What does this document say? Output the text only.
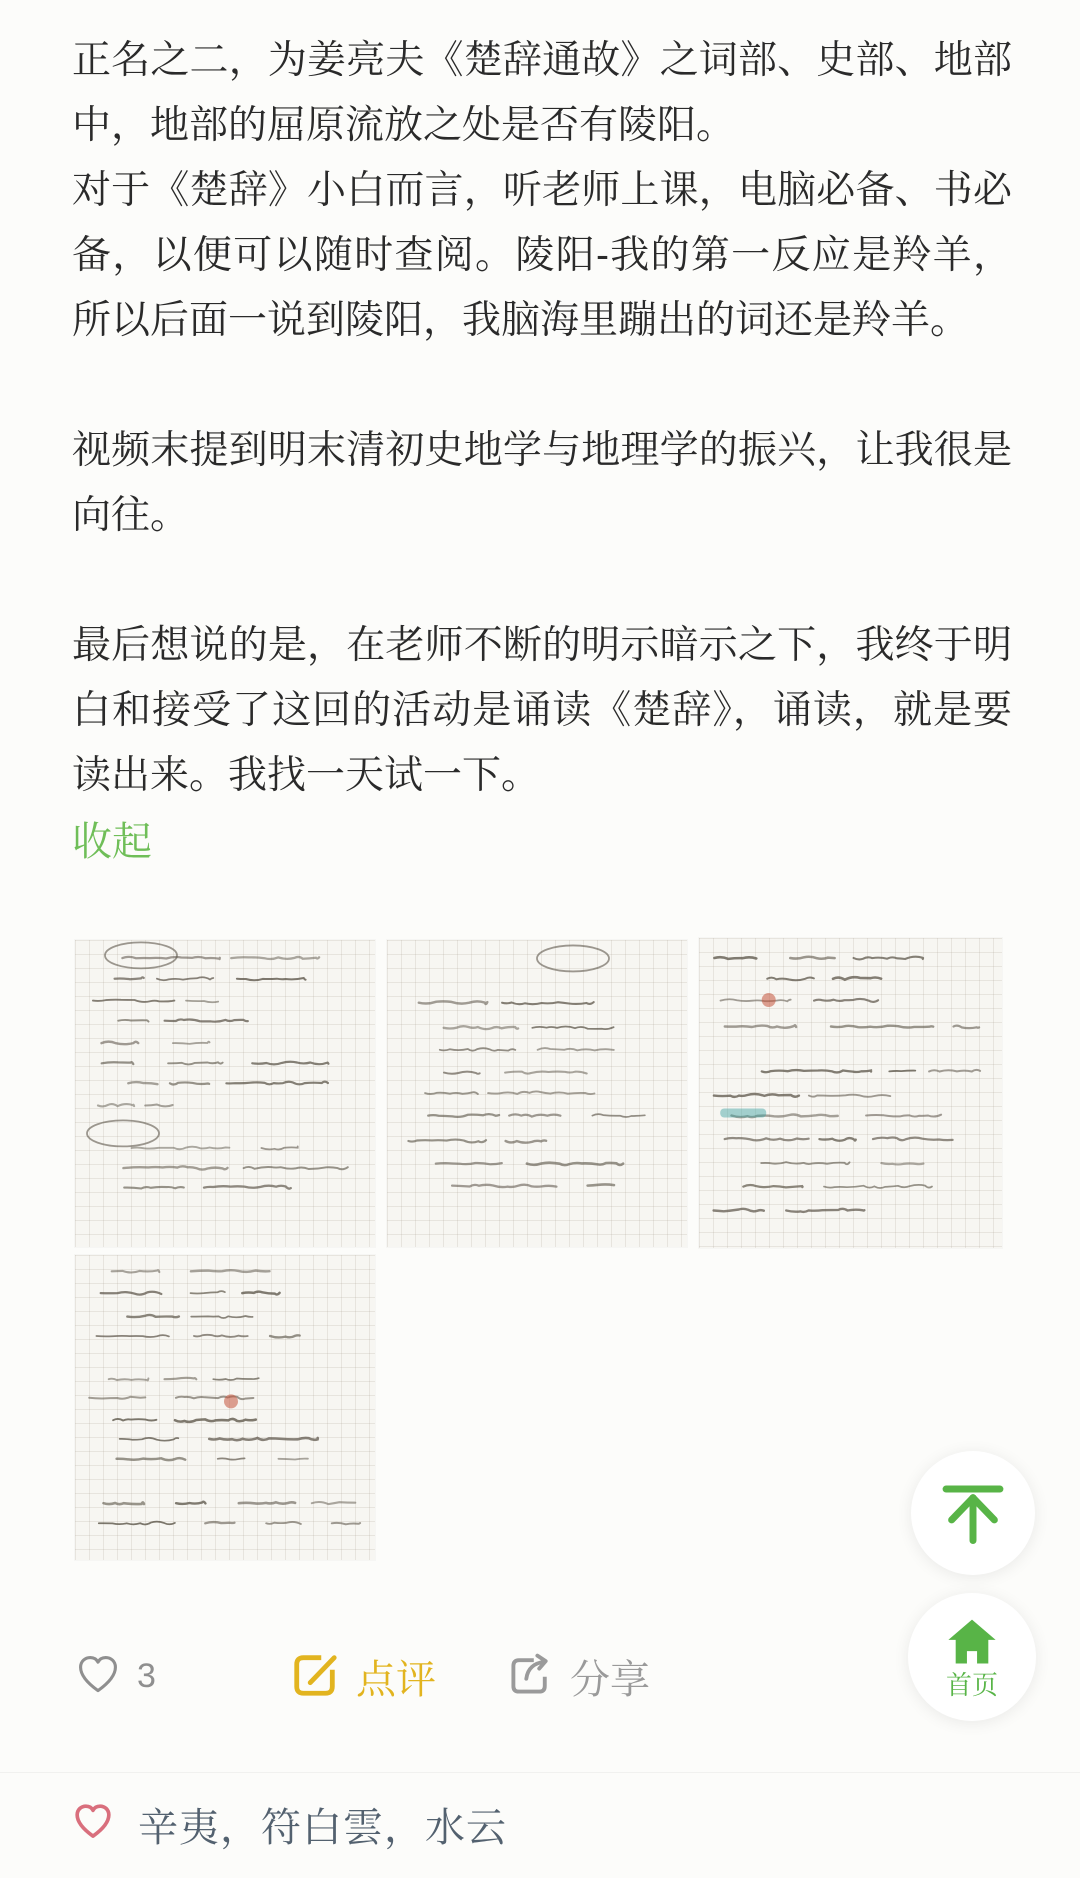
正名之二，为姜亮夫《楚辞通故》之词部、史部、地部中，地部的屈原流放之处是否有陵阳。

对于《楚辞》小白而言，听老师上课，电脑必备、书必备，以便可以随时查阅。陵阳-我的第一反应是羚羊，所以后面一说到陵阳，我脑海里蹦出的词还是羚羊。

视频末提到明末清初史地学与地理学的振兴，让我很是向往。

最后想说的是，在老师不断的明示暗示之下，我终于明白和接受了这回的活动是诵读《楚辞》，诵读，就是要读出来。我找一天试一下。

收起
3	点评	分享
辛夷，符白雲，水云
首页
